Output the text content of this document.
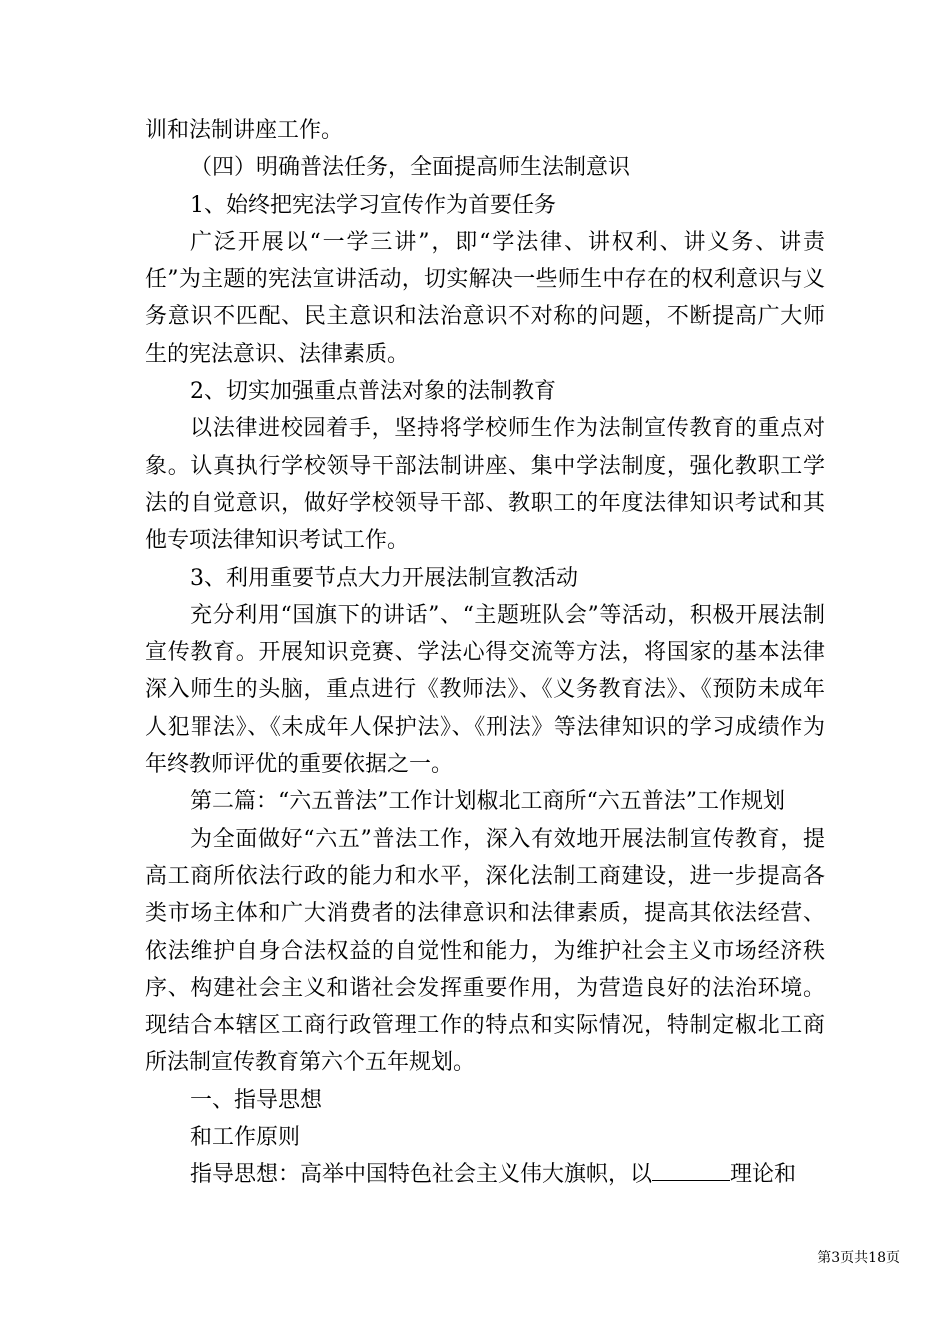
训和法制讲座工作。

（四）明确普法任务，全面提高师生法制意识

1、始终把宪法学习宣传作为首要任务

广泛开展以“一学三讲”，即“学法律、讲权利、讲义务、讲责任”为主题的宪法宣讲活动，切实解决一些师生中存在的权利意识与义务意识不匹配、民主意识和法治意识不对称的问题，不断提高广大师生的宪法意识、法律素质。

2、切实加强重点普法对象的法制教育

以法律进校园着手，坚持将学校师生作为法制宣传教育的重点对象。认真执行学校领导干部法制讲座、集中学法制度，强化教职工学法的自觉意识，做好学校领导干部、教职工的年度法律知识考试和其他专项法律知识考试工作。

3、利用重要节点大力开展法制宣教活动

充分利用“国旗下的讲话”、“主题班队会”等活动，积极开展法制宣传教育。开展知识竞赛、学法心得交流等方法，将国家的基本法律深入师生的头脑，重点进行《教师法》、《义务教育法》、《预防未成年人犯罪法》、《未成年人保护法》、《刑法》等法律知识的学习成绩作为年终教师评优的重要依据之一。

第二篇：“六五普法”工作计划椒北工商所“六五普法”工作规划

为全面做好“六五”普法工作，深入有效地开展法制宣传教育，提高工商所依法行政的能力和水平，深化法制工商建设，进一步提高各类市场主体和广大消费者的法律意识和法律素质，提高其依法经营、依法维护自身合法权益的自觉性和能力，为维护社会主义市场经济秩序、构建社会主义和谐社会发挥重要作用，为营造良好的法治环境。现结合本辖区工商行政管理工作的特点和实际情况，特制定椒北工商所法制宣传教育第六个五年规划。

一、指导思想

和工作原则

指导思想：高举中国特色社会主义伟大旗帜，以	理论和

第3页共18页
